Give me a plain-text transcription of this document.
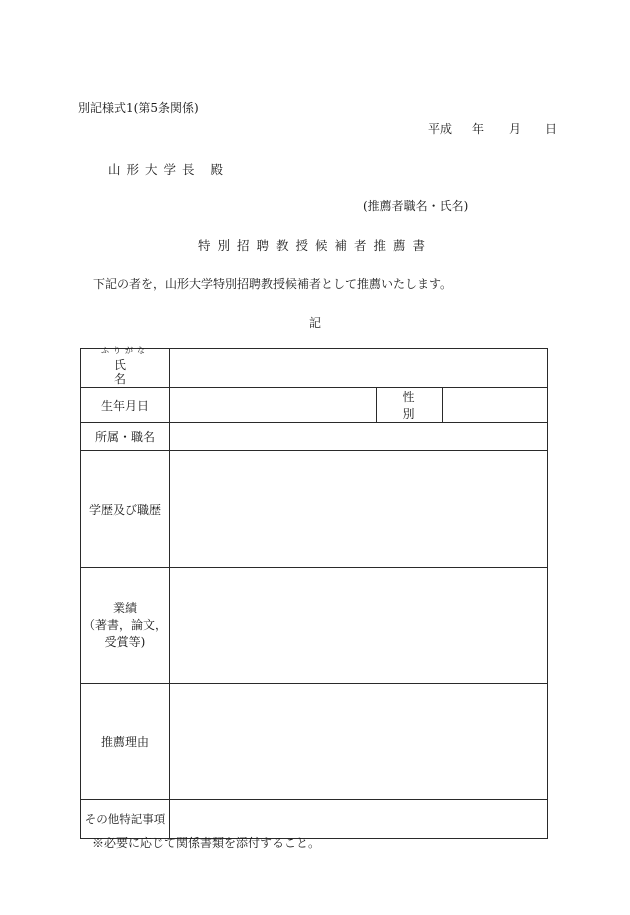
別記様式1(第5条関係)
平成 年 月 日
山形大学長 殿
(推薦者職名・氏名)
特別招聘教授候補者推薦書
下記の者を，山形大学特別招聘教授候補者として推薦いたします。
記
ふりがな
氏 名			

生年月日		性 別	
所属・職名			
学歴及び職歴			

業績
（著書，論文，
受賞等)			

推薦理由			
その他特記事項			
※必要に応じて関係書類を添付すること。
